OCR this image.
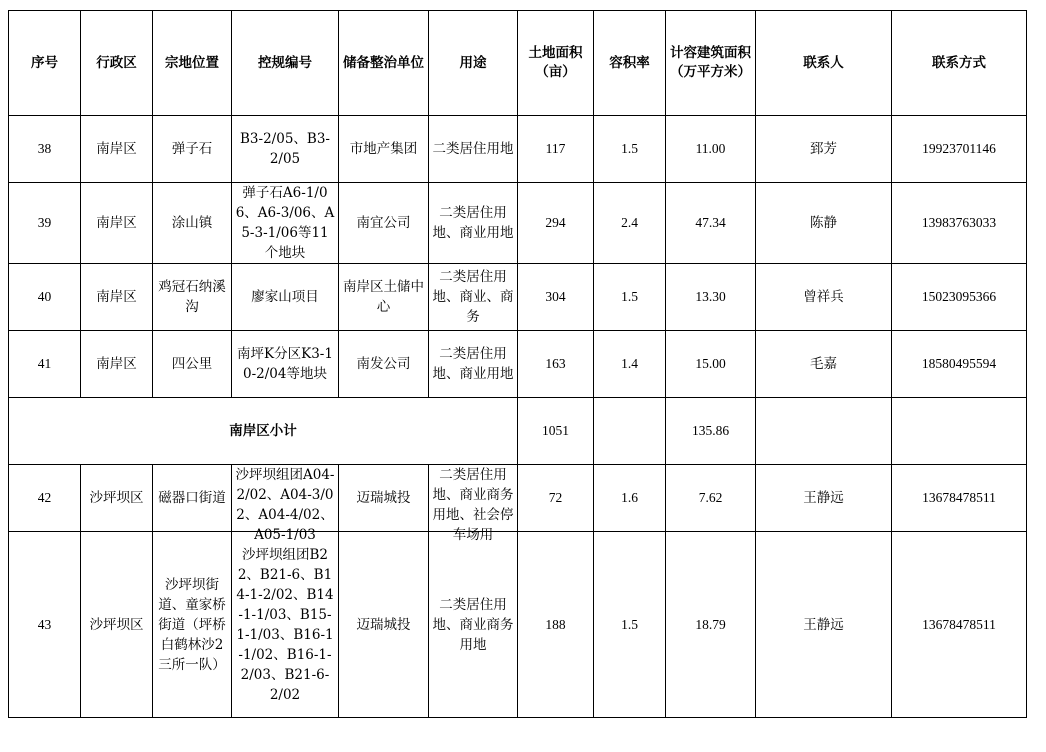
序号	行政区	宗地位置	控规编号	储备整治单位	用途	土地面积（亩）	容积率	计容建筑面积（万平方米）	联系人	联系方式
38	南岸区	弹子石	B3-2/05、B3-2/05	市地产集团	二类居住用地	117	1.5	11.00	郅芳	19923701146
39	南岸区	涂山镇	弹子石A6-1/06、A6-3/06、A5-3-1/06等11个地块	南宜公司	二类居住用地、商业用地	294	2.4	47.34	陈静	13983763033
40	南岸区	鸡冠石纳溪沟	廖家山项目	南岸区土储中心	二类居住用地、商业、商务	304	1.5	13.30	曾祥兵	15023095366
41	南岸区	四公里	南坪K分区K3-10-2/04等地块	南发公司	二类居住用地、商业用地	163	1.4	15.00	毛嘉	18580495594
南岸区小计						1051		135.86		
42	沙坪坝区	磁器口街道	沙坪坝组团A04-2/02、A04-3/02、A04-4/02、A05-1/03	迈瑞城投	二类居住用地、商业商务用地、社会停车场用	72	1.6	7.62	王静远	13678478511
43	沙坪坝区	沙坪坝街道、童家桥街道（坪桥白鹤林沙2三所一队）	沙坪坝组团B22、B21-6、B14-1-2/02、B14-1-1/03、B15-1-1/03、B16-1-1/02、B16-1-2/03、B21-6-2/02	迈瑞城投	二类居住用地、商业商务用地	188	1.5	18.79	王静远	13678478511
